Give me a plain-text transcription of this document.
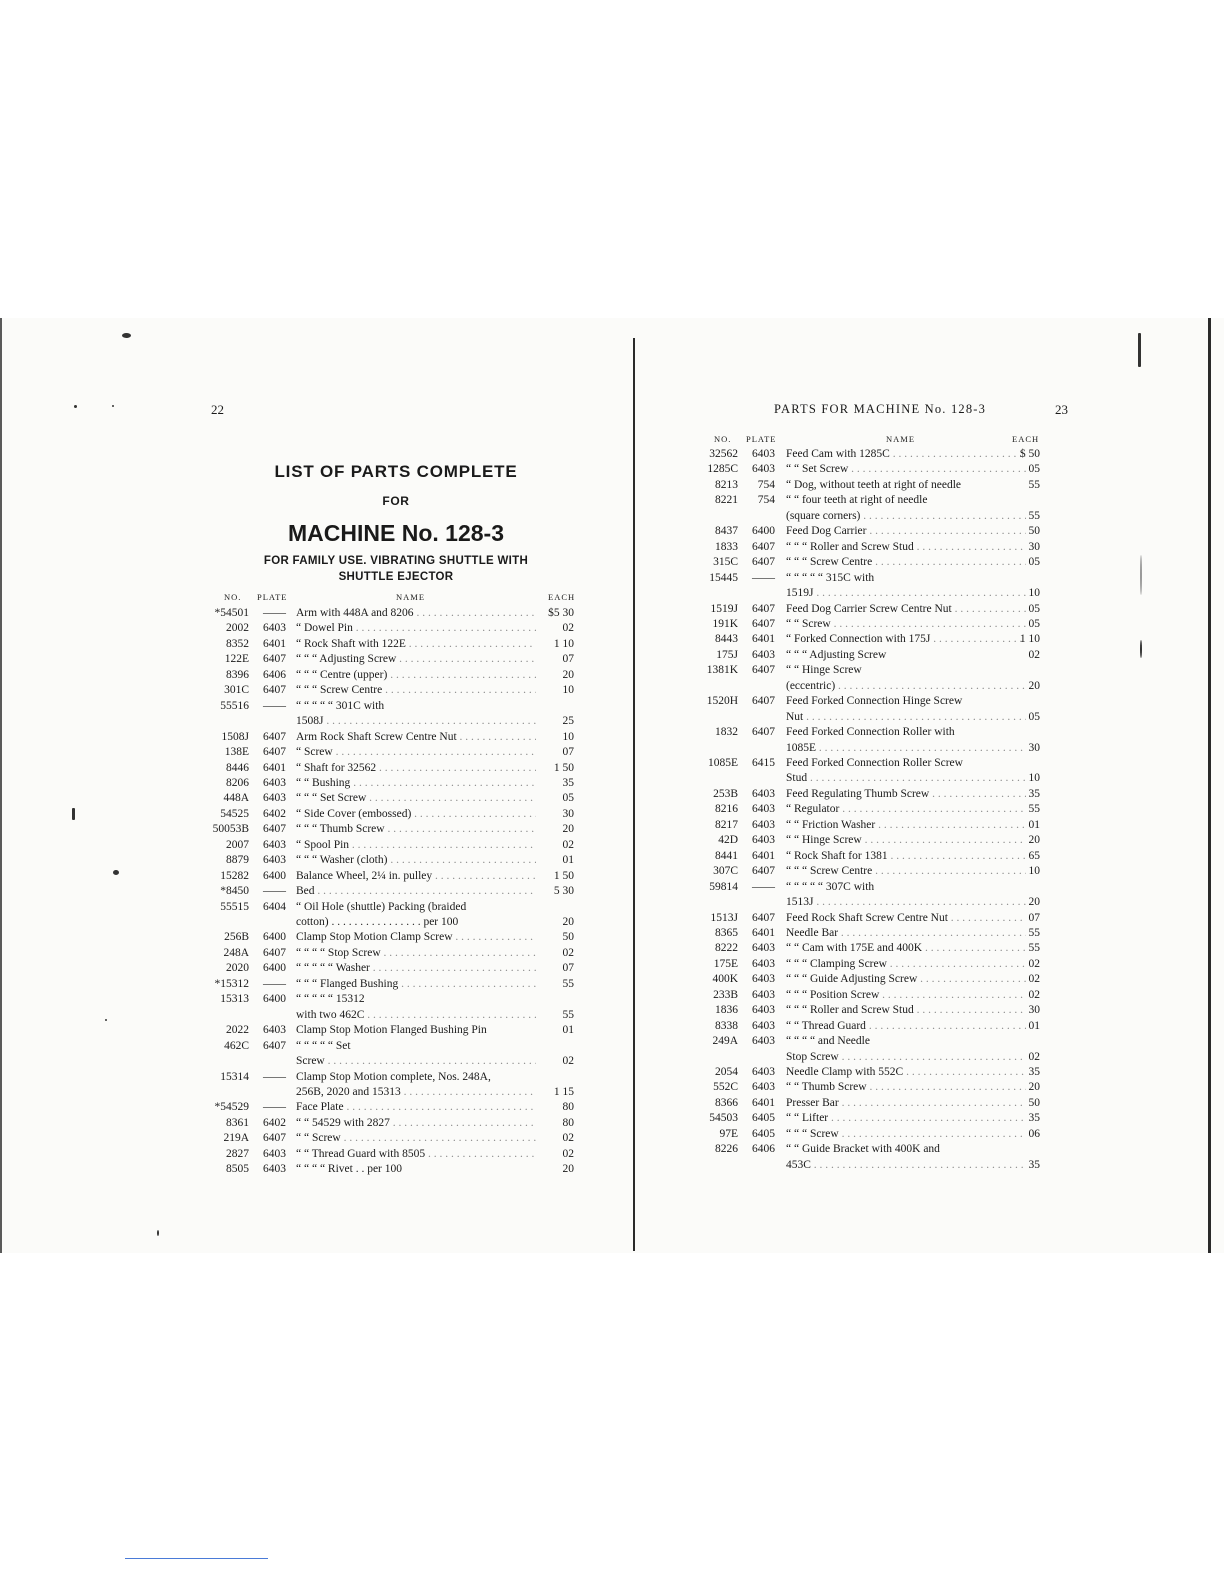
22	PARTS FOR MACHINE No. 128-3	23
LIST OF PARTS COMPLETE
FOR
MACHINE No. 128-3
FOR FAMILY USE. VIBRATING SHUTTLE WITH
SHUTTLE EJECTOR
NO. PLATE	NAME	EACH
*54501	—— Arm with 448A and 8206 . . .	$5 30
2002	6403 “ Dowel Pin . . .	02
8352	6401 “ Rock Shaft with 122E . . .	1 10
122E	6407 “ “ “ Adjusting Screw . . .	07
8396	6406 “ “ “ Centre (upper) . . .	20
301C	6407 “ “ “ Screw Centre . . .	10
55516	—— “ “ “ “ “ 301C with
1508J . . .	25
1508J	6407 Arm Rock Shaft Screw Centre Nut . . .	10
138E	6407 “ Screw . . .	07
8446	6401 “ Shaft for 32562 . . .	1 50
8206	6403 “ “ Bushing . . .	35
448A	6403 “ “ “ Set Screw . . .	05
54525	6402 “ Side Cover (embossed) . . .	30
50053B	6407 “ “ “ Thumb Screw . . .	20
2007	6403 “ Spool Pin . . .	02
8879	6403 “ “ “ Washer (cloth) . . .	01
15282	6400 Balance Wheel, 2¼ in. pulley . . .	1 50
*8450	—— Bed . . .	5 30
55515	6404 “ Oil Hole (shuttle) Packing (braided
cotton) . . . . . . . . . . . . . . . . per 100	20
256B	6400 Clamp Stop Motion Clamp Screw . . .	50
248A	6407 “ “ “ “ Stop Screw . . .	02
2020	6400 “ “ “ “ “ Washer . . .	07
*15312	—— “ “ “ Flanged Bushing . . .	55
15313	6400 “ “ “ “ “ 15312
with two 462C . . .	55
2022	6403 Clamp Stop Motion Flanged Bushing Pin	01
462C	6407 “ “ “ “ “ Set
Screw . . .	02
15314	—— Clamp Stop Motion complete, Nos. 248A,
256B, 2020 and 15313 . . .	1 15
*54529	—— Face Plate . . .	80
8361	6402 “ “ 54529 with 2827 . . .	80
219A	6407 “ “ Screw . . .	02
2827	6403 “ “ Thread Guard with 8505 . . .	02
8505	6403 “ “ “ “ Rivet . . per 100	20
NO. PLATE	NAME	EACH
32562	6403 Feed Cam with 1285C . . .	$ 50
1285C	6403 “ “ Set Screw . . .	05
8213	754 “ Dog, without teeth at right of needle	55
8221	754 “ “ four teeth at right of needle
(square corners) . . .	55
8437	6400 Feed Dog Carrier . . .	50
1833	6407 “ “ “ Roller and Screw Stud . . .	30
315C	6407 “ “ “ Screw Centre . . .	05
15445	—— “ “ “ “ “ 315C with
1519J . . .	10
1519J	6407 Feed Dog Carrier Screw Centre Nut . . .	05
191K	6407 “ “ Screw . . .	05
8443	6401 “ Forked Connection with 175J . . .	1 10
175J	6403 “ “ “ Adjusting Screw	02
1381K	6407 “ “ Hinge Screw
(eccentric) . . .	20
1520H	6407 Feed Forked Connection Hinge Screw
Nut . . .	05
1832	6407 Feed Forked Connection Roller with
1085E . . .	30
1085E	6415 Feed Forked Connection Roller Screw
Stud . . .	10
253B	6403 Feed Regulating Thumb Screw . . .	35
8216	6403 “ Regulator . . .	55
8217	6403 “ “ Friction Washer . . .	01
42D	6403 “ “ Hinge Screw . . .	20
8441	6401 “ Rock Shaft for 1381 . . .	65
307C	6407 “ “ “ Screw Centre . . .	10
59814	—— “ “ “ “ “ 307C with
1513J . . .	20
1513J	6407 Feed Rock Shaft Screw Centre Nut . . .	07
8365	6401 Needle Bar . . .	55
8222	6403 “ “ Cam with 175E and 400K . . .	55
175E	6403 “ “ “ Clamping Screw . . .	02
400K	6403 “ “ “ Guide Adjusting Screw . . .	02
233B	6403 “ “ “ Position Screw . . .	02
1836	6403 “ “ “ Roller and Screw Stud . . .	30
8338	6403 “ “ Thread Guard . . .	01
249A	6403 “ “ “ “ and Needle
Stop Screw . . .	02
2054	6403 Needle Clamp with 552C . . .	35
552C	6403 “ “ Thumb Screw . . .	20
8366	6401 Presser Bar . . .	50
54503	6405 “ “ Lifter . . .	35
97E	6405 “ “ “ Screw . . .	06
8226	6406 “ “ Guide Bracket with 400K and
453C . . .	35
